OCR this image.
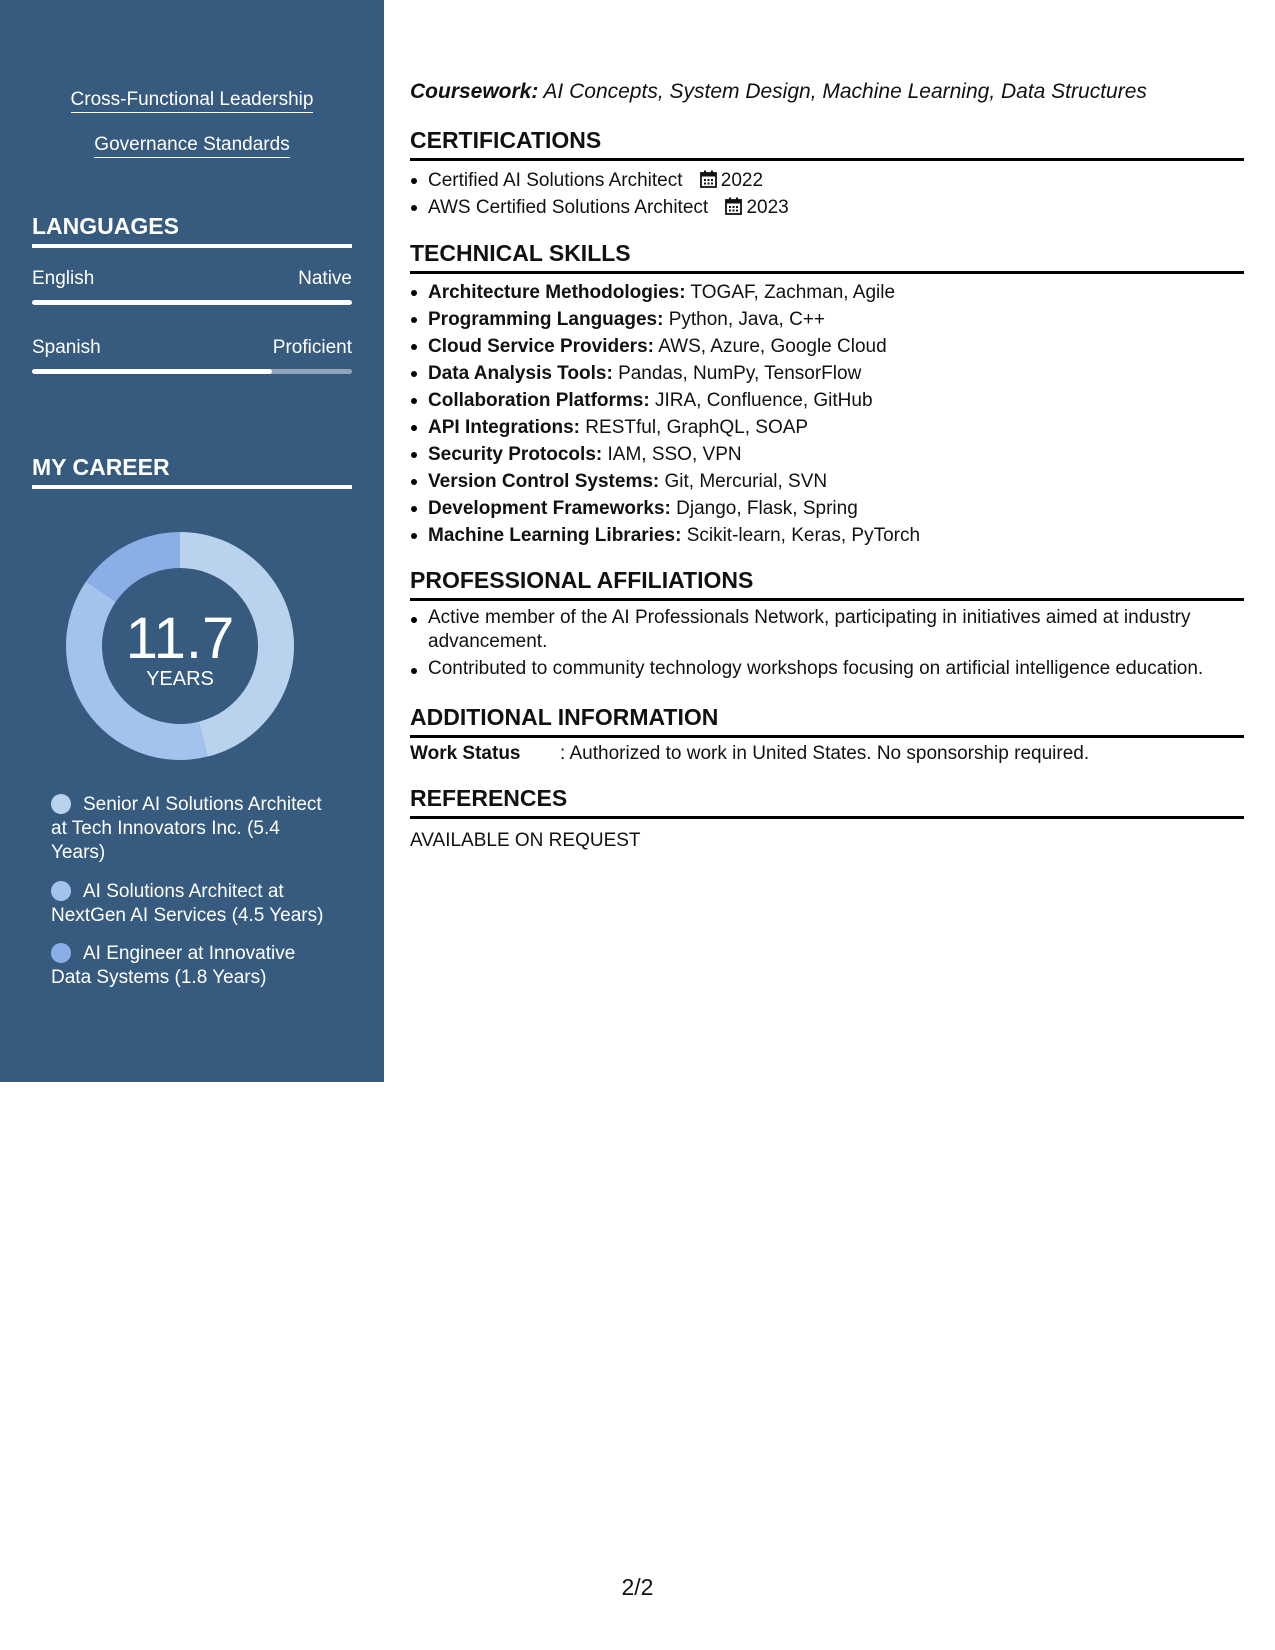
Cross-Functional Leadership
Governance Standards
LANGUAGES
English	Native
Spanish	Proficient
MY CAREER
11.7
YEARS
Senior AI Solutions Architect at Tech Innovators Inc. (5.4 Years)
AI Solutions Architect at NextGen AI Services (4.5 Years)
AI Engineer at Innovative Data Systems (1.8 Years)
Coursework: AI Concepts, System Design, Machine Learning, Data Structures
CERTIFICATIONS
Certified AI Solutions Architect 2022
AWS Certified Solutions Architect 2023
TECHNICAL SKILLS
Architecture Methodologies: TOGAF, Zachman, Agile
Programming Languages: Python, Java, C++
Cloud Service Providers: AWS, Azure, Google Cloud
Data Analysis Tools: Pandas, NumPy, TensorFlow
Collaboration Platforms: JIRA, Confluence, GitHub
API Integrations: RESTful, GraphQL, SOAP
Security Protocols: IAM, SSO, VPN
Version Control Systems: Git, Mercurial, SVN
Development Frameworks: Django, Flask, Spring
Machine Learning Libraries: Scikit-learn, Keras, PyTorch
PROFESSIONAL AFFILIATIONS
Active member of the AI Professionals Network, participating in initiatives aimed at industry advancement.
Contributed to community technology workshops focusing on artificial intelligence education.
ADDITIONAL INFORMATION
Work Status : Authorized to work in United States. No sponsorship required.
REFERENCES
AVAILABLE ON REQUEST
2/2
